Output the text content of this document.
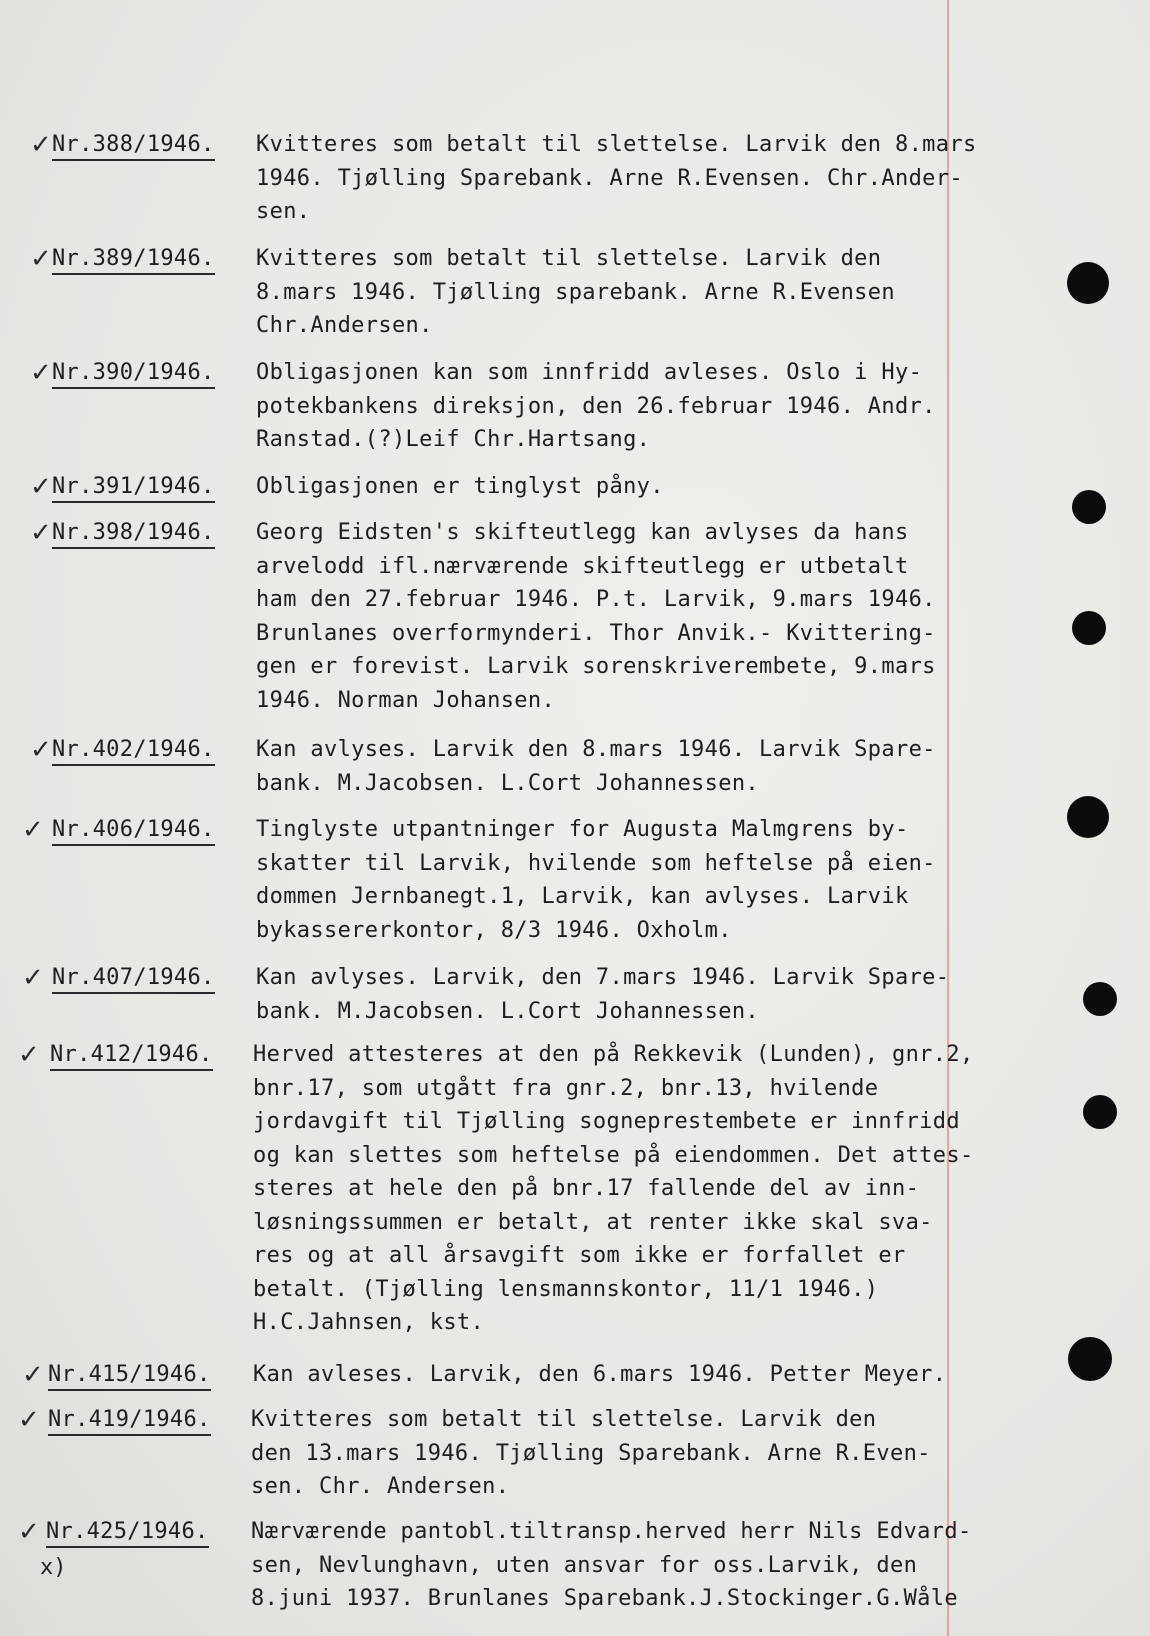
✓ Nr.388/1946. Kvitteres som betalt til slettelse. Larvik den 8.mars
1946. Tjølling Sparebank. Arne R.Evensen. Chr.Ander-
sen.
✓ Nr.389/1946. Kvitteres som betalt til slettelse. Larvik den
8.mars 1946. Tjølling sparebank. Arne R.Evensen
Chr.Andersen.
✓ Nr.390/1946. Obligasjonen kan som innfridd avleses. Oslo i Hy-
potekbankens direksjon, den 26.februar 1946. Andr.
Ranstad.(?)Leif Chr.Hartsang.
✓ Nr.391/1946. Obligasjonen er tinglyst påny.
✓ Nr.398/1946. Georg Eidsten's skifteutlegg kan avlyses da hans
arvelodd ifl.nærværende skifteutlegg er utbetalt
ham den 27.februar 1946. P.t. Larvik, 9.mars 1946.
Brunlanes overformynderi. Thor Anvik.- Kvittering-
gen er forevist. Larvik sorenskriverembete, 9.mars
1946. Norman Johansen.
✓ Nr.402/1946. Kan avlyses. Larvik den 8.mars 1946. Larvik Spare-
bank. M.Jacobsen. L.Cort Johannessen.
✓ Nr.406/1946. Tinglyste utpantninger for Augusta Malmgrens by-
skatter til Larvik, hvilende som heftelse på eien-
dommen Jernbanegt.1, Larvik, kan avlyses. Larvik
bykassererkontor, 8/3 1946. Oxholm.
✓ Nr.407/1946. Kan avlyses. Larvik, den 7.mars 1946. Larvik Spare-
bank. M.Jacobsen. L.Cort Johannessen.
✓ Nr.412/1946. Herved attesteres at den på Rekkevik (Lunden), gnr.2,
bnr.17, som utgått fra gnr.2, bnr.13, hvilende
jordavgift til Tjølling sogneprestembete er innfridd
og kan slettes som heftelse på eiendommen. Det attes-
steres at hele den på bnr.17 fallende del av inn-
løsningssummen er betalt, at renter ikke skal sva-
res og at all årsavgift som ikke er forfallet er
betalt. (Tjølling lensmannskontor, 11/1 1946.)
H.C.Jahnsen, kst.
✓ Nr.415/1946. Kan avleses. Larvik, den 6.mars 1946. Petter Meyer.
✓ Nr.419/1946. Kvitteres som betalt til slettelse. Larvik den
den 13.mars 1946. Tjølling Sparebank. Arne R.Even-
sen. Chr. Andersen.
✓ Nr.425/1946.
x)
Nærværende pantobl.tiltransp.herved herr Nils Edvard-
sen, Nevlunghavn, uten ansvar for oss.Larvik, den
8.juni 1937. Brunlanes Sparebank.J.Stockinger.G.Wåle
